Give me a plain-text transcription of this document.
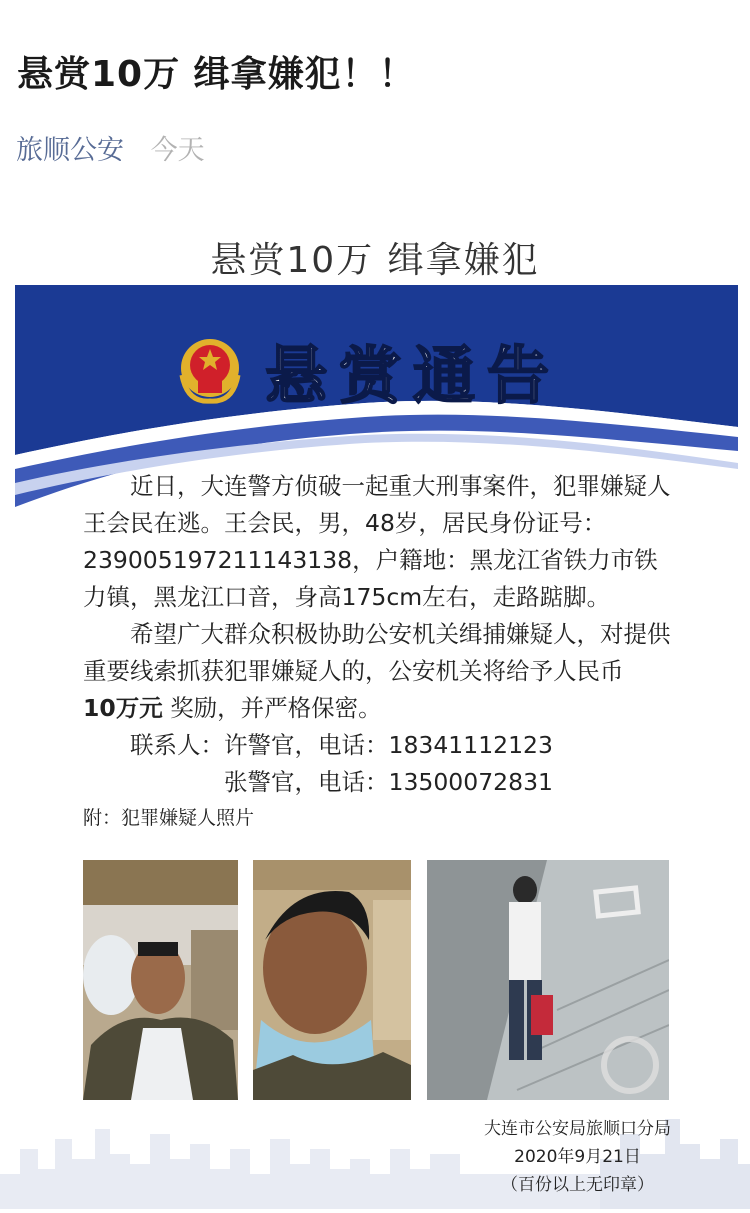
悬赏10万 缉拿嫌犯！！
旅顺公安 今天
悬赏10万 缉拿嫌犯
悬赏通告

近日，大连警方侦破一起重大刑事案件，犯罪嫌疑人王会民在逃。王会民，男，48岁，居民身份证号：239005197211143138，户籍地：黑龙江省铁力市铁力镇，黑龙江口音，身高175cm左右，走路踮脚。

希望广大群众积极协助公安机关缉捕嫌疑人，对提供重要线索抓获犯罪嫌疑人的，公安机关将给予人民币
10万元 奖励，并严格保密。

联系人：许警官，电话：18341112123

张警官，电话：13500072831

附：犯罪嫌疑人照片

大连市公安局旅顺口分局
2020年9月21日
（百份以上无印章）
